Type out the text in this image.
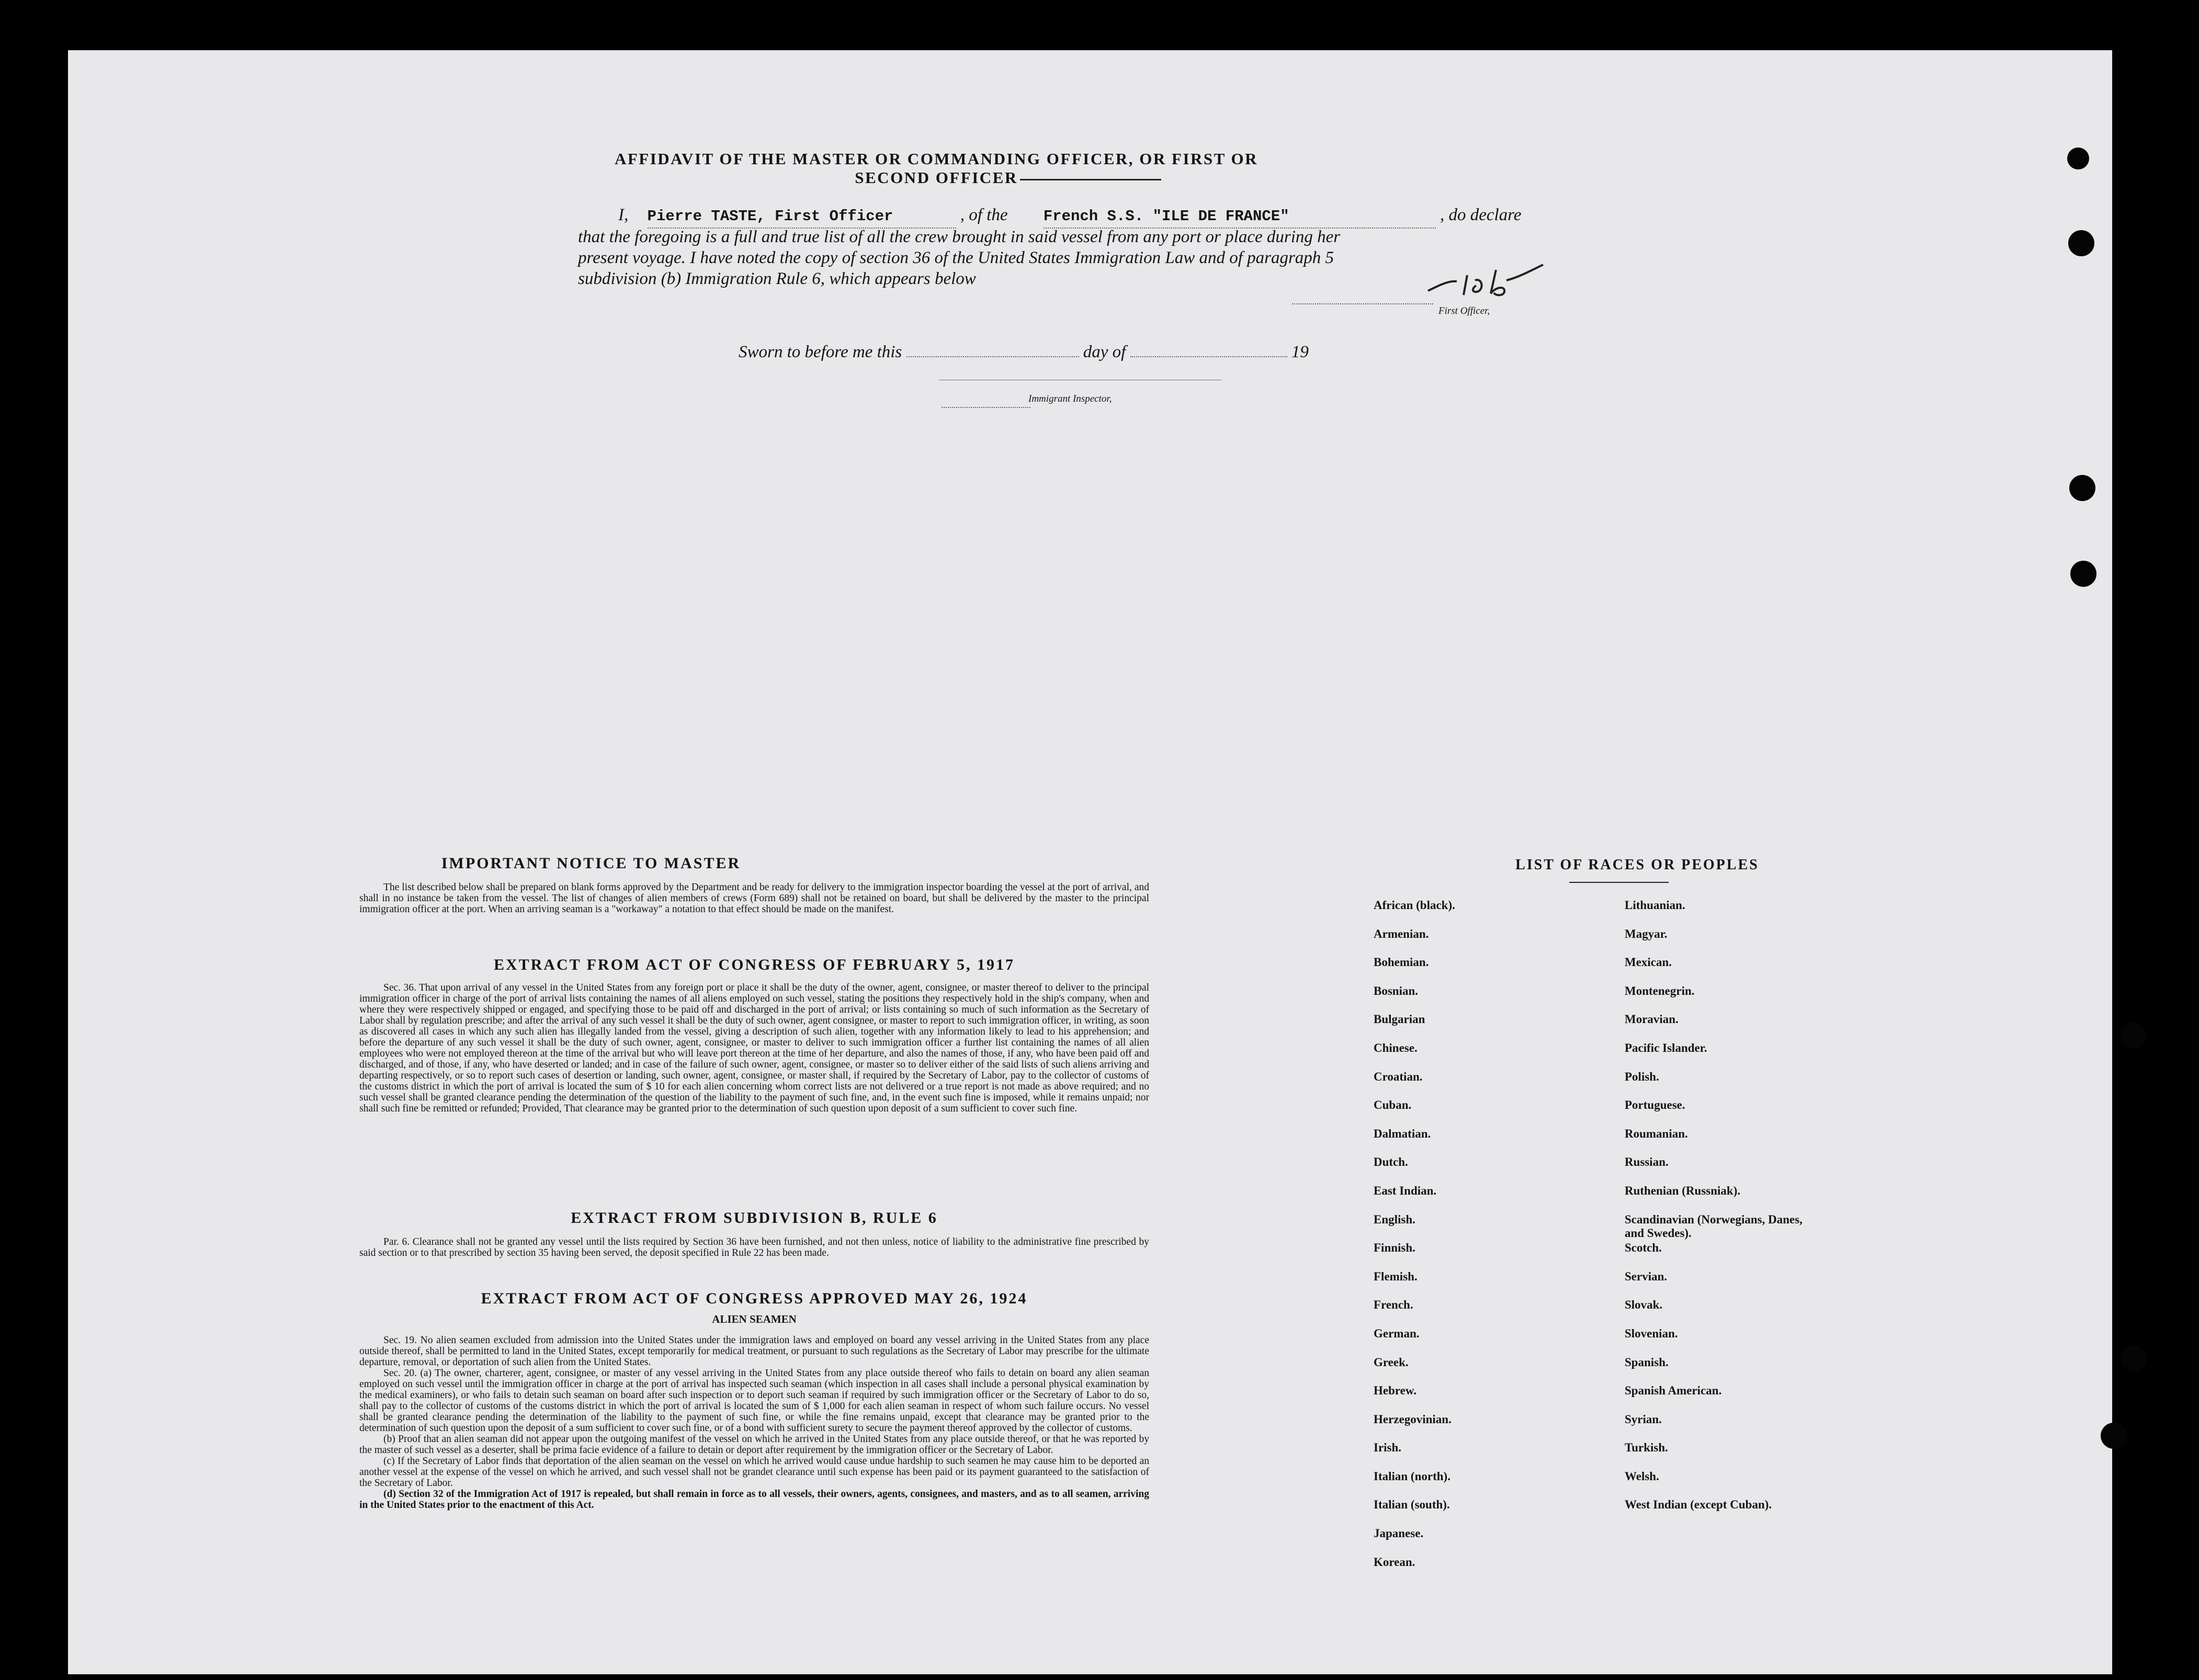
AFFIDAVIT OF THE MASTER OR COMMANDING OFFICER, OR FIRST OR SECOND OFFICER
I, Pierre TASTE, First Officer	, of the French S.S. "ILE DE FRANCE"	, do declare
that the foregoing is a full and true list of all the crew brought in said vessel from any port or place during her
present voyage. I have noted the copy of section 36 of the United States Immigration Law and of paragraph 5
subdivision (b) Immigration Rule 6, which appears below
First Officer,
Sworn to before me this	day of	19
Immigrant Inspector,
IMPORTANT NOTICE TO MASTER

The list described below shall be prepared on blank forms approved by the Department and be ready for delivery to the immigration inspector boarding the vessel at the port of arrival, and shall in no instance be taken from the vessel. The list of changes of alien members of crews (Form 689) shall not be retained on board, but shall be delivered by the master to the principal immigration officer at the port. When an arriving seaman is a "workaway" a notation to that effect should be made on the manifest.

EXTRACT FROM ACT OF CONGRESS OF FEBRUARY 5, 1917

Sec. 36. That upon arrival of any vessel in the United States from any foreign port or place it shall be the duty of the owner, agent, consignee, or master thereof to deliver to the principal immigration officer in charge of the port of arrival lists containing the names of all aliens employed on such vessel, stating the positions they respectively hold in the ship's company, when and where they were respectively shipped or engaged, and specifying those to be paid off and discharged in the port of arrival; or lists containing so much of such information as the Secretary of Labor shall by regulation prescribe; and after the arrival of any such vessel it shall be the duty of such owner, agent consignee, or master to report to such immigration officer, in writing, as soon as discovered all cases in which any such alien has illegally landed from the vessel, giving a description of such alien, together with any information likely to lead to his apprehension; and before the departure of any such vessel it shall be the duty of such owner, agent, consignee, or master to deliver to such immigration officer a further list containing the names of all alien employees who were not employed thereon at the time of the arrival but who will leave port thereon at the time of her departure, and also the names of those, if any, who have been paid off and discharged, and of those, if any, who have deserted or landed; and in case of the failure of such owner, agent, consignee, or master so to deliver either of the said lists of such aliens arriving and departing respectively, or so to report such cases of desertion or landing, such owner, agent, consignee, or master shall, if required by the Secretary of Labor, pay to the collector of customs of the customs district in which the port of arrival is located the sum of $ 10 for each alien concerning whom correct lists are not delivered or a true report is not made as above required; and no such vessel shall be granted clearance pending the determination of the question of the liability to the payment of such fine, and, in the event such fine is imposed, while it remains unpaid; nor shall such fine be remitted or refunded; Provided, That clearance may be granted prior to the determination of such question upon deposit of a sum sufficient to cover such fine.

EXTRACT FROM SUBDIVISION B, RULE 6

Par. 6. Clearance shall not be granted any vessel until the lists required by Section 36 have been furnished, and not then unless, notice of liability to the administrative fine prescribed by said section or to that prescribed by section 35 having been served, the deposit specified in Rule 22 has been made.

EXTRACT FROM ACT OF CONGRESS APPROVED MAY 26, 1924
ALIEN SEAMEN

Sec. 19. No alien seamen excluded from admission into the United States under the immigration laws and employed on board any vessel arriving in the United States from any place outside thereof, shall be permitted to land in the United States, except temporarily for medical treatment, or pursuant to such regulations as the Secretary of Labor may prescribe for the ultimate departure, removal, or deportation of such alien from the United States.

Sec. 20. (a) The owner, charterer, agent, consignee, or master of any vessel arriving in the United States from any place outside thereof who fails to detain on board any alien seaman employed on such vessel until the immigration officer in charge at the port of arrival has inspected such seaman (which inspection in all cases shall include a personal physical examination by the medical examiners), or who fails to detain such seaman on board after such inspection or to deport such seaman if required by such immigration officer or the Secretary of Labor to do so, shall pay to the collector of customs of the customs district in which the port of arrival is located the sum of $ 1,000 for each alien seaman in respect of whom such failure occurs. No vessel shall be granted clearance pending the determination of the liability to the payment of such fine, or while the fine remains unpaid, except that clearance may be granted prior to the determination of such question upon the deposit of a sum sufficient to cover such fine, or of a bond with sufficient surety to secure the payment thereof approved by the collector of customs.

(b) Proof that an alien seaman did not appear upon the outgoing manifest of the vessel on which he arrived in the United States from any place outside thereof, or that he was reported by the master of such vessel as a deserter, shall be prima facie evidence of a failure to detain or deport after requirement by the immigration officer or the Secretary of Labor.

(c) If the Secretary of Labor finds that deportation of the alien seaman on the vessel on which he arrived would cause undue hardship to such seamen he may cause him to be deported an another vessel at the expense of the vessel on which he arrived, and such vessel shall not be grandet clearance until such expense has been paid or its payment guaranteed to the satisfaction of the Secretary of Labor.

(d) Section 32 of the Immigration Act of 1917 is repealed, but shall remain in force as to all vessels, their owners, agents, consignees, and masters, and as to all seamen, arriving in the United States prior to the enactment of this Act.

LIST OF RACES OR PEOPLES
African (black).
Armenian.
Bohemian.
Bosnian.
Bulgarian
Chinese.
Croatian.
Cuban.
Dalmatian.
Dutch.
East Indian.
English.
Finnish.
Flemish.
French.
German.
Greek.
Hebrew.
Herzegovinian.
Irish.
Italian (north).
Italian (south).
Japanese.
Korean.
Lithuanian.
Magyar.
Mexican.
Montenegrin.
Moravian.
Pacific Islander.
Polish.
Portuguese.
Roumanian.
Russian.
Ruthenian (Russniak).
Scandinavian (Norwegians, Danes, and Swedes).
Scotch.
Servian.
Slovak.
Slovenian.
Spanish.
Spanish American.
Syrian.
Turkish.
Welsh.
West Indian (except Cuban).
